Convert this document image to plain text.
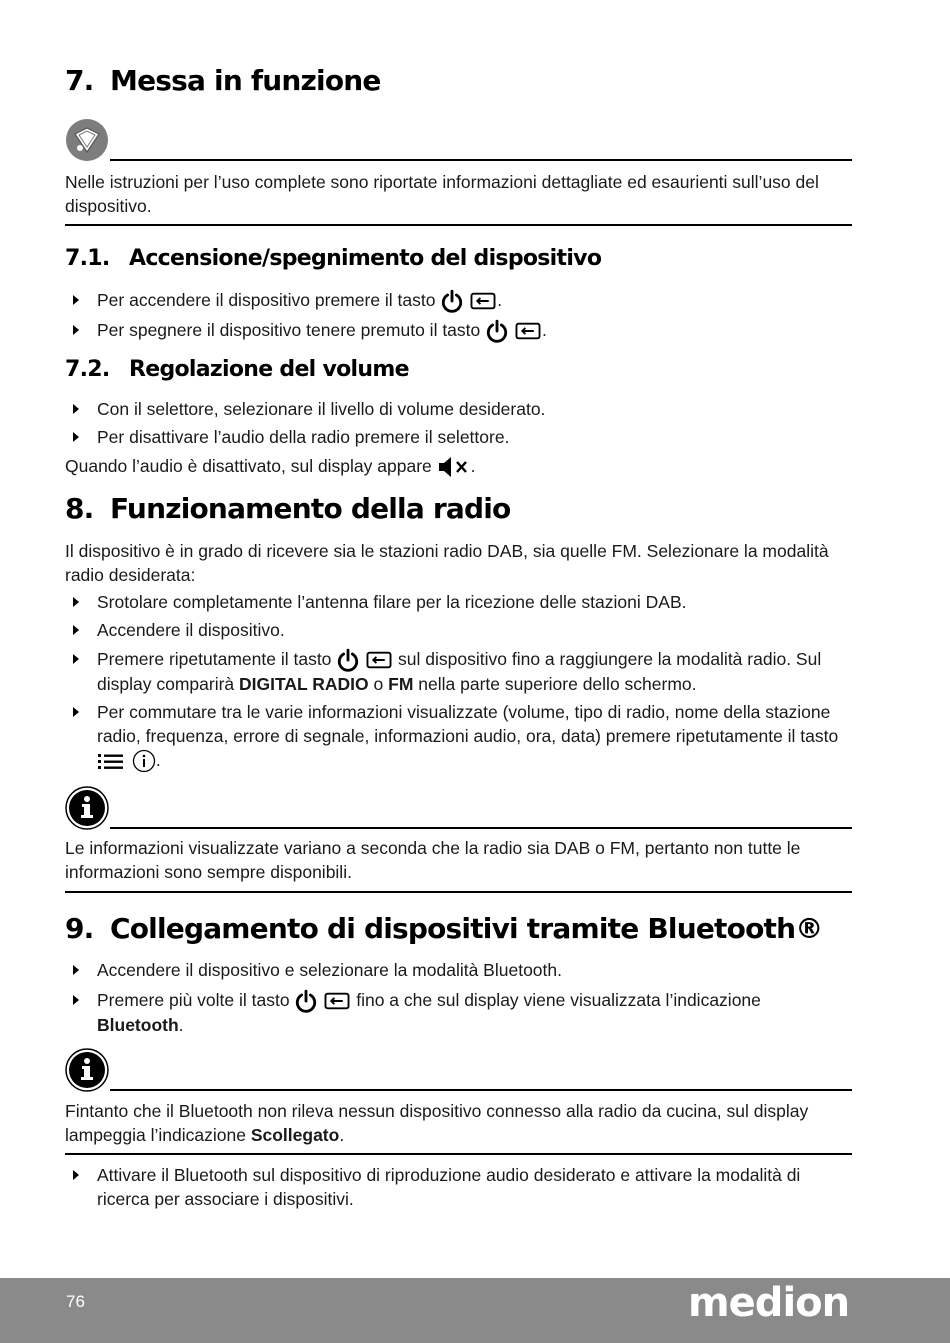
7. Messa in funzione

Nelle istruzioni per l’uso complete sono riportate informazioni dettagliate ed esaurienti sull’uso del dispositivo.

7.1. Accensione/spegnimento del dispositivo
Per accendere il dispositivo premere il tasto	.
Per spegnere il dispositivo tenere premuto il tasto	.
7.2. Regolazione del volume
Con il selettore, selezionare il livello di volume desiderato.
Per disattivare l’audio della radio premere il selettore.

Quando l’audio è disattivato, sul display appare .

8. Funzionamento della radio

Il dispositivo è in grado di ricevere sia le stazioni radio DAB, sia quelle FM. Selezionare la modalità radio desiderata:

Srotolare completamente l’antenna filare per la ricezione delle stazioni DAB.
Accendere il dispositivo.
Premere ripetutamente il tasto	sul dispositivo fino a raggiungere la modalità radio. Sul display comparirà DIGITAL RADIO o FM nella parte superiore dello schermo.
Per commutare tra le varie informazioni visualizzate (volume, tipo di radio, nome della stazione radio, frequenza, errore di segnale, informazioni audio, ora, data) premere ripetutamente il tasto  .

Le informazioni visualizzate variano a seconda che la radio sia DAB o FM, pertanto non tutte le informazioni sono sempre disponibili.

9. Collegamento di dispositivi tramite Bluetooth®
Accendere il dispositivo e selezionare la modalità Bluetooth.
Premere più volte il tasto	fino a che sul display viene visualizzata l’indicazione Bluetooth.

Fintanto che il Bluetooth non rileva nessun dispositivo connesso alla radio da cucina, sul display lampeggia l’indicazione Scollegato.

Attivare il Bluetooth sul dispositivo di riproduzione audio desiderato e attivare la modalità di ricerca per associare i dispositivi.
76	medion
